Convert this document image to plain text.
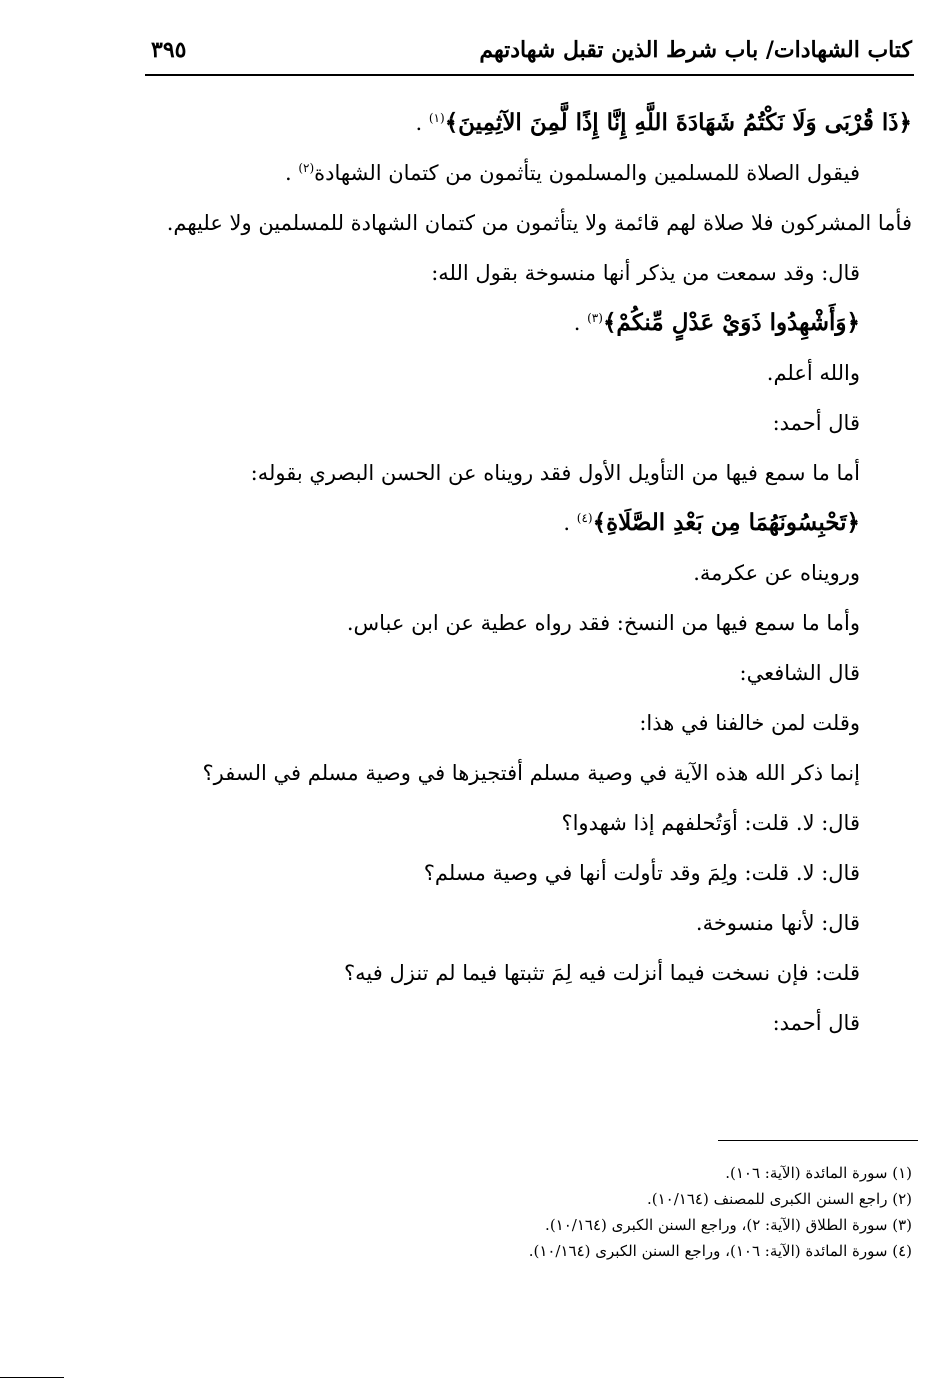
كتاب الشهادات/ باب شرط الذين تقبل شهادتهم
٣٩٥

﴿ذَا قُرْبَى وَلَا نَكْتُمُ شَهَادَةَ اللَّهِ إِنَّا إِذًا لَّمِنَ الآثِمِينَ﴾$^{(١)}$ .

فيقول الصلاة للمسلمين والمسلمون يتأثمون من كتمان الشهادة$^{(٢)}$ .

فأما المشركون فلا صلاة لهم قائمة ولا يتأثمون من كتمان الشهادة للمسلمين ولا عليهم.

قال: وقد سمعت من يذكر أنها منسوخة بقول الله:

﴿وَأَشْهِدُوا ذَوَيْ عَدْلٍ مِّنكُمْ﴾$^{(٣)}$ .

والله أعلم.

قال أحمد:

أما ما سمع فيها من التأويل الأول فقد رويناه عن الحسن البصري بقوله:

﴿تَحْبِسُونَهُمَا مِن بَعْدِ الصَّلَاةِ﴾$^{(٤)}$ .

ورويناه عن عكرمة.

وأما ما سمع فيها من النسخ: فقد رواه عطية عن ابن عباس.

قال الشافعي:

وقلت لمن خالفنا في هذا:

إنما ذكر الله هذه الآية في وصية مسلم أفتجيزها في وصية مسلم في السفر؟

قال: لا. قلت: أوَتُحلفهم إذا شهدوا؟

قال: لا. قلت: ولِمَ وقد تأولت أنها في وصية مسلم؟

قال: لأنها منسوخة.

قلت: فإن نسخت فيما أنزلت فيه لِمَ تثبتها فيما لم تنزل فيه؟

قال أحمد:

(١) سورة المائدة (الآية: ١٠٦).

(٢) راجع السنن الكبرى للمصنف (١٠/١٦٤).

(٣) سورة الطلاق (الآية: ٢)، وراجع السنن الكبرى (١٠/١٦٤).

(٤) سورة المائدة (الآية: ١٠٦)، وراجع السنن الكبرى (١٠/١٦٤).
